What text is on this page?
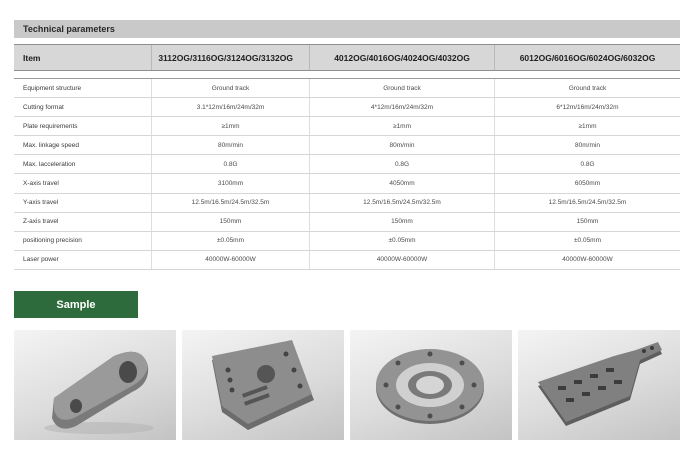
Technical parameters
Item	3112OG/3116OG/3124OG/3132OG	4012OG/4016OG/4024OG/4032OG	6012OG/6016OG/6024OG/6032OG
Equipment structure	Ground track	Ground track	Ground track
Cutting format	3.1*12m/16m/24m/32m	4*12m/16m/24m/32m	6*12m/16m/24m/32m
Plate requirements	≥1mm	≥1mm	≥1mm
Max. linkage speed	80m/min	80m/min	80m/min
Max. lacceleration	0.8G	0.8G	0.8G
X-axis travel	3100mm	4050mm	6050mm
Y-axis travel	12.5m/16.5m/24.5m/32.5m	12.5m/16.5m/24.5m/32.5m	12.5m/16.5m/24.5m/32.5m
Z-axis travel	150mm	150mm	150mm
positioning precision	±0.05mm	±0.05mm	±0.05mm
Laser power	40000W-60000W	40000W-60000W	40000W-60000W
Sample
